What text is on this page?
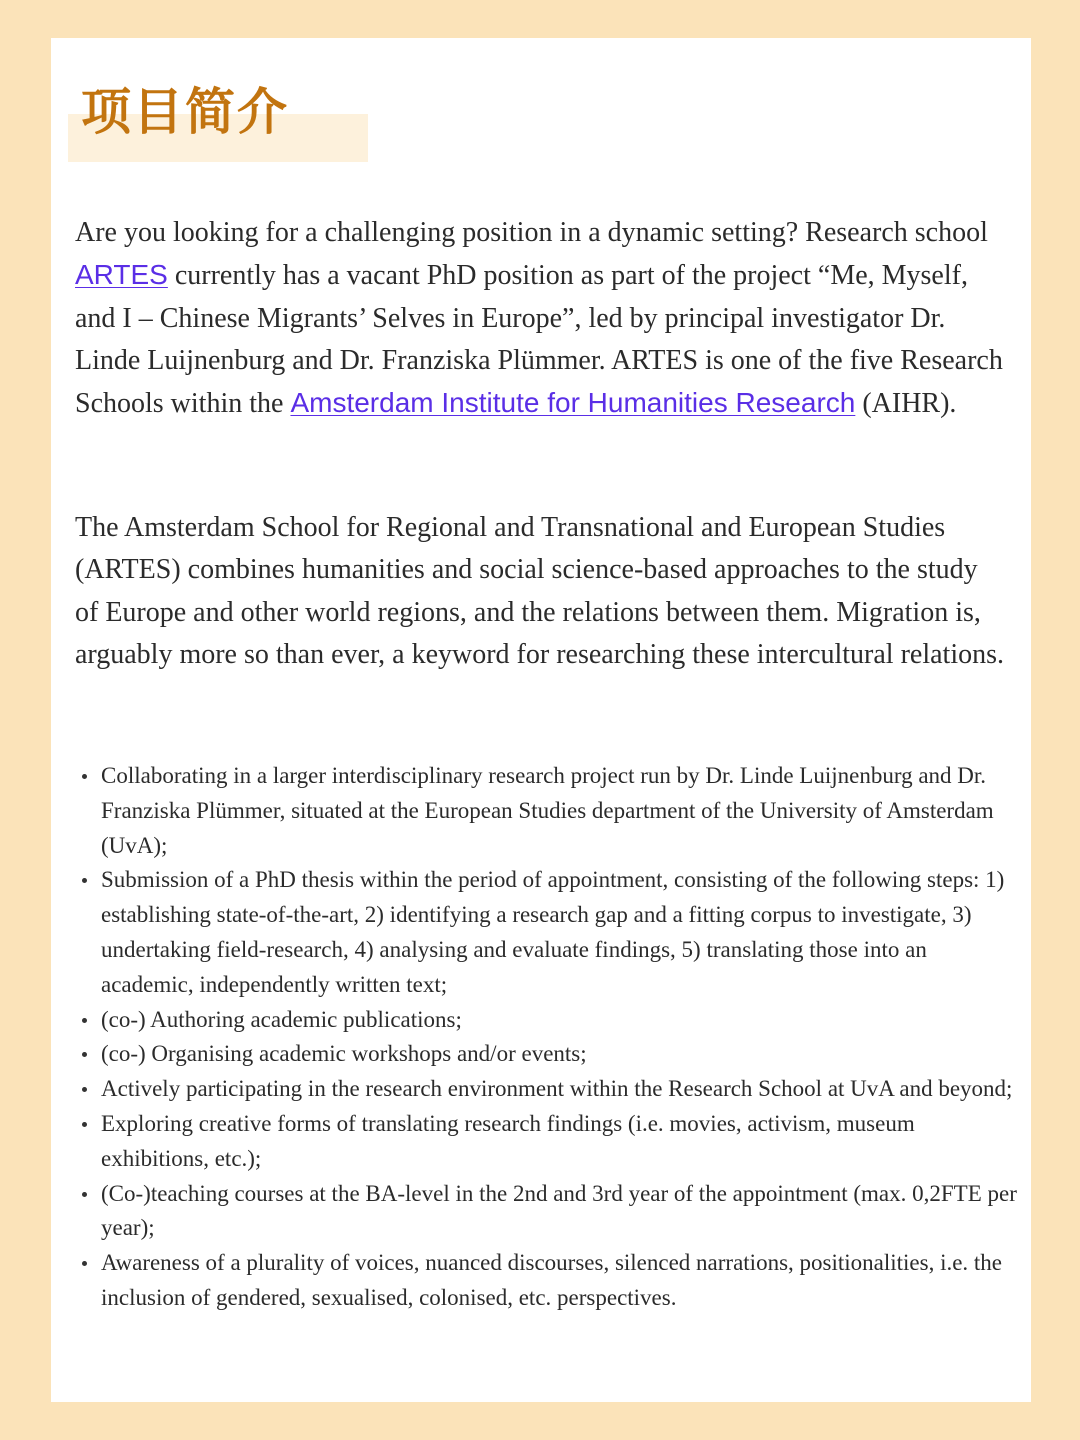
项目简介

Are you looking for a challenging position in a dynamic setting? Research school ARTES currently has a vacant PhD position as part of the project “Me, Myself, and I – Chinese Migrants’ Selves in Europe”, led by principal investigator Dr. Linde Luijnenburg and Dr. Franziska Plümmer. ARTES is one of the five Research Schools within the Amsterdam Institute for Humanities Research (AIHR).

The Amsterdam School for Regional and Transnational and European Studies (ARTES) combines humanities and social science-based approaches to the study of Europe and other world regions, and the relations between them. Migration is, arguably more so than ever, a keyword for researching these intercultural relations.

Collaborating in a larger interdisciplinary research project run by Dr. Linde Luijnenburg and Dr. Franziska Plümmer, situated at the European Studies department of the University of Amsterdam (UvA);
Submission of a PhD thesis within the period of appointment, consisting of the following steps: 1) establishing state-of-the-art, 2) identifying a research gap and a fitting corpus to investigate, 3) undertaking field-research, 4) analysing and evaluate findings, 5) translating those into an academic, independently written text;
(co-) Authoring academic publications;
(co-) Organising academic workshops and/or events;
Actively participating in the research environment within the Research School at UvA and beyond;
Exploring creative forms of translating research findings (i.e. movies, activism, museum exhibitions, etc.);
(Co-)teaching courses at the BA-level in the 2nd and 3rd year of the appointment (max. 0,2FTE per year);
Awareness of a plurality of voices, nuanced discourses, silenced narrations, positionalities, i.e. the inclusion of gendered, sexualised, colonised, etc. perspectives.
